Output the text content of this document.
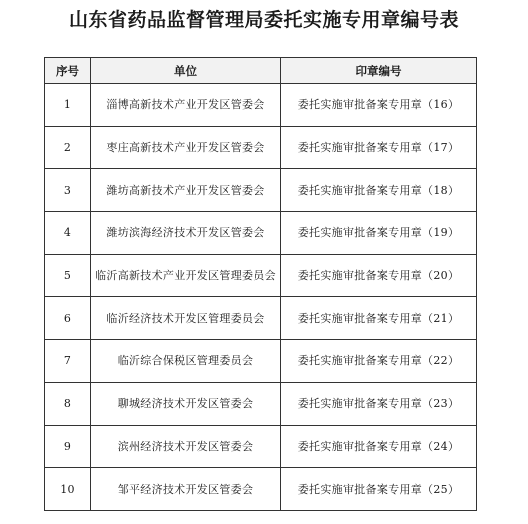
山东省药品监督管理局委托实施专用章编号表
序号	单位	印章编号
1	淄博高新技术产业开发区管委会	委托实施审批备案专用章（16）
2	枣庄高新技术产业开发区管委会	委托实施审批备案专用章（17）
3	潍坊高新技术产业开发区管委会	委托实施审批备案专用章（18）
4	潍坊滨海经济技术开发区管委会	委托实施审批备案专用章（19）
5	临沂高新技术产业开发区管理委员会	委托实施审批备案专用章（20）
6	临沂经济技术开发区管理委员会	委托实施审批备案专用章（21）
7	临沂综合保税区管理委员会	委托实施审批备案专用章（22）
8	聊城经济技术开发区管委会	委托实施审批备案专用章（23）
9	滨州经济技术开发区管委会	委托实施审批备案专用章（24）
10	邹平经济技术开发区管委会	委托实施审批备案专用章（25）
